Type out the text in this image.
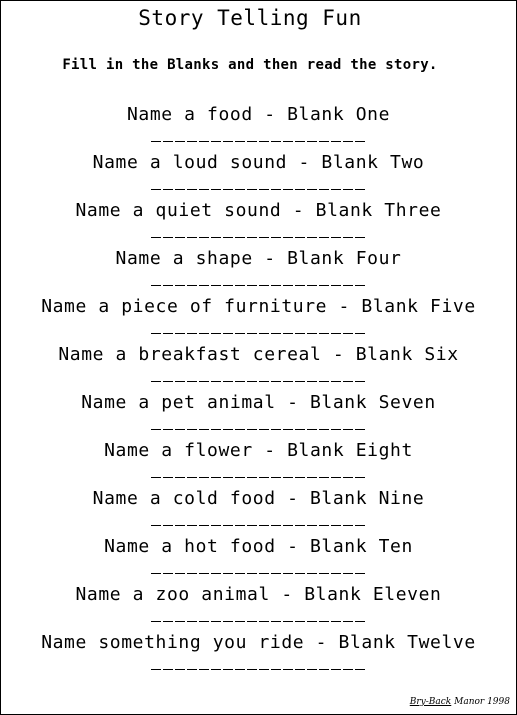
Story Telling Fun
Fill in the Blanks and then read the story.
Name a food - Blank One
Name a loud sound - Blank Two
Name a quiet sound - Blank Three
Name a shape - Blank Four
Name a piece of furniture - Blank Five
Name a breakfast cereal - Blank Six
Name a pet animal - Blank Seven
Name a flower - Blank Eight
Name a cold food - Blank Nine
Name a hot food - Blank Ten
Name a zoo animal - Blank Eleven
Name something you ride - Blank Twelve
Bry-Back Manor 1998
